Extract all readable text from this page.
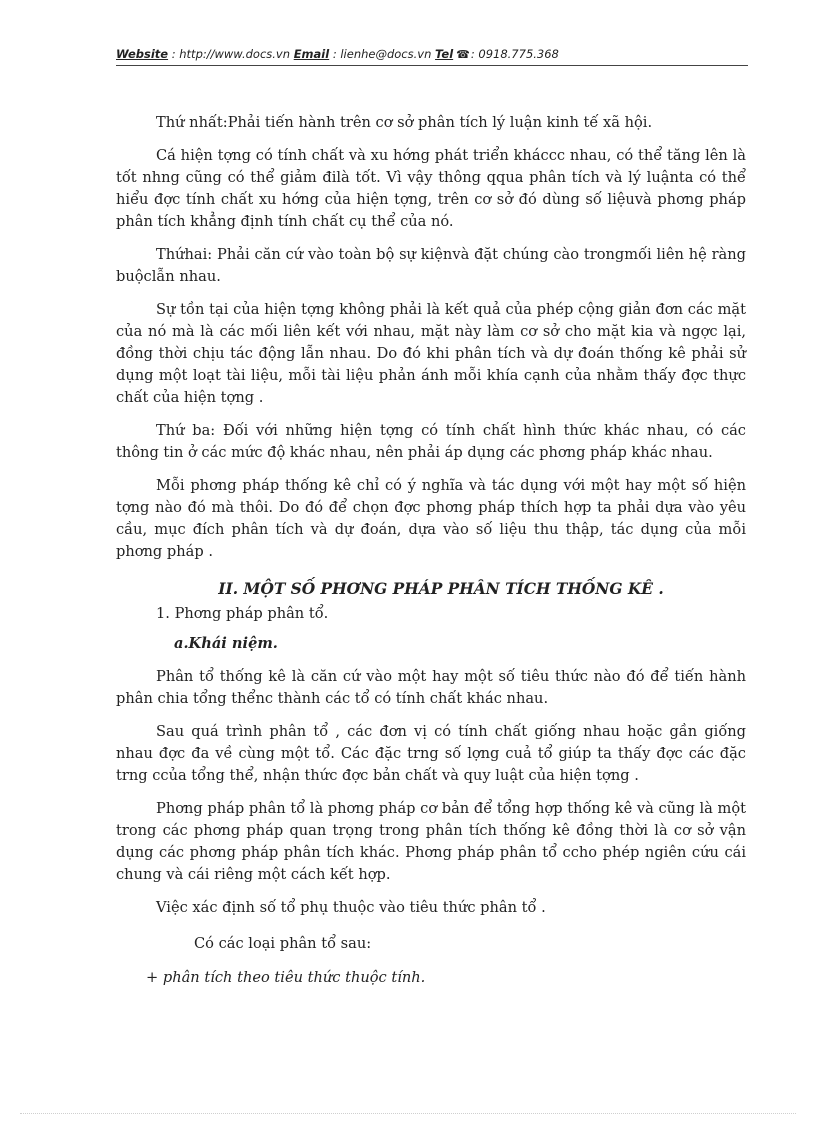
Website : http://www.docs.vn Email : lienhe@docs.vn Tel ☎: 0918.775.368

Thứ nhất:Phải tiến hành trên cơ sở phân tích lý luận kinh tế xã hội.

Cá hiện tợng có tính chất và xu hớng phát triển kháccc nhau, có thể tăng lên là tốt nhng cũng có thể giảm đilà tốt. Vì vậy thông qqua phân tích và lý luậnta có thể hiểu đợc tính chất xu hớng của hiện tợng, trên cơ sở đó dùng số liệuvà phơng pháp phân tích khẳng định tính chất cụ thể của nó.

Thứhai: Phải căn cứ vào toàn bộ sự kiệnvà đặt chúng cào trongmối liên hệ ràng buộclẫn nhau.

Sự tồn tại của hiện tợng không phải là kết quả của phép cộng giản đơn các mặt của nó mà là các mối liên kết với nhau, mặt này làm cơ sở cho mặt kia và ngợc lại, đồng thời chịu tác động lẫn nhau. Do đó khi phân tích và dự đoán thống kê phải sử dụng một loạt tài liệu, mỗi tài liệu phản ánh mỗi khía cạnh của nhằm thấy đợc thực chất của hiện tợng .

Thứ ba: Đối với những hiện tợng có tính chất hình thức khác nhau, có các thông tin ở các mức độ khác nhau, nên phải áp dụng các phơng pháp khác nhau.

Mỗi phơng pháp thống kê chỉ có ý nghĩa và tác dụng với một hay một số hiện tợng nào đó mà thôi. Do đó để chọn đợc phơng pháp thích hợp ta phải dựa vào yêu cầu, mục đích phân tích và dự đoán, dựa vào số liệu thu thập, tác dụng của mỗi phơng pháp .

II. MỘT SỐ PHƠNG PHÁP PHÂN TÍCH THỐNG KÊ .

1. Phơng pháp phân tổ.

a.Khái niệm.

Phân tổ thống kê là căn cứ vào một hay một số tiêu thức nào đó để tiến hành phân chia tổng thểnc thành các tổ có tính chất khác nhau.

Sau quá trình phân tổ , các đơn vị có tính chất giống nhau hoặc gần giống nhau đợc đa về cùng một tổ. Các đặc trng số lợng cuả tổ giúp ta thấy đợc các đặc trng ccủa tổng thể, nhận thức đợc bản chất và quy luật của hiện tợng .

Phơng pháp phân tổ là phơng pháp cơ bản để tổng hợp thống kê và cũng là một trong các phơng pháp quan trọng trong phân tích thống kê đồng thời là cơ sở vận dụng các phơng pháp phân tích khác. Phơng pháp phân tổ ccho phép ngiên cứu cái chung và cái riêng một cách kết hợp.

Việc xác định số tổ phụ thuộc vào tiêu thức phân tổ .

Có các loại phân tổ sau:

+ phân tích theo tiêu thức thuộc tính.
